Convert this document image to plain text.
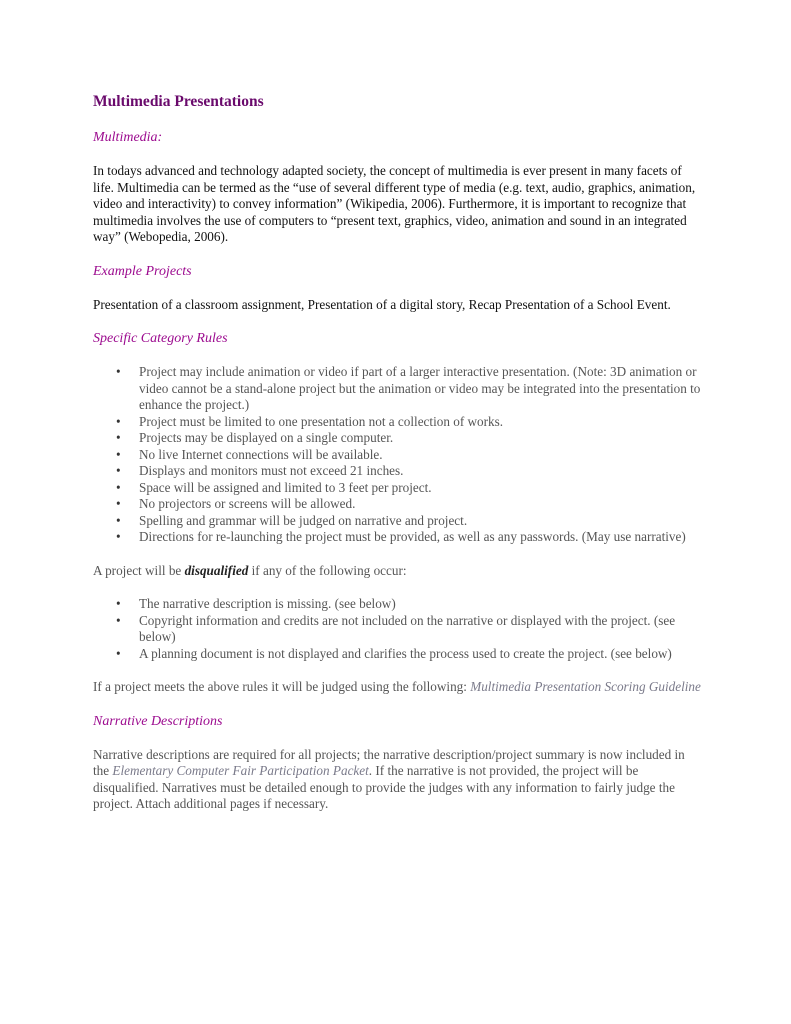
Multimedia Presentations
Multimedia:

In todays advanced and technology adapted society, the concept of multimedia is ever present in many facets of life. Multimedia can be termed as the “use of several different type of media (e.g. text, audio, graphics, animation, video and interactivity) to convey information” (Wikipedia, 2006). Furthermore, it is important to recognize that multimedia involves the use of computers to “present text, graphics, video, animation and sound in an integrated way” (Webopedia, 2006).

Example Projects

Presentation of a classroom assignment, Presentation of a digital story, Recap Presentation of a School Event.

Specific Category Rules
• Project may include animation or video if part of a larger interactive presentation. (Note: 3D animation or video cannot be a stand-alone project but the animation or video may be integrated into the presentation to enhance the project.)
• Project must be limited to one presentation not a collection of works.
• Projects may be displayed on a single computer.
• No live Internet connections will be available.
• Displays and monitors must not exceed 21 inches.
• Space will be assigned and limited to 3 feet per project.
• No projectors or screens will be allowed.
• Spelling and grammar will be judged on narrative and project.
• Directions for re-launching the project must be provided, as well as any passwords. (May use narrative)

A project will be disqualified if any of the following occur:

• The narrative description is missing. (see below)
• Copyright information and credits are not included on the narrative or displayed with the project. (see below)
• A planning document is not displayed and clarifies the process used to create the project. (see below)

If a project meets the above rules it will be judged using the following: Multimedia Presentation Scoring Guideline

Narrative Descriptions

Narrative descriptions are required for all projects; the narrative description/project summary is now included in the Elementary Computer Fair Participation Packet. If the narrative is not provided, the project will be disqualified. Narratives must be detailed enough to provide the judges with any information to fairly judge the project. Attach additional pages if necessary.
